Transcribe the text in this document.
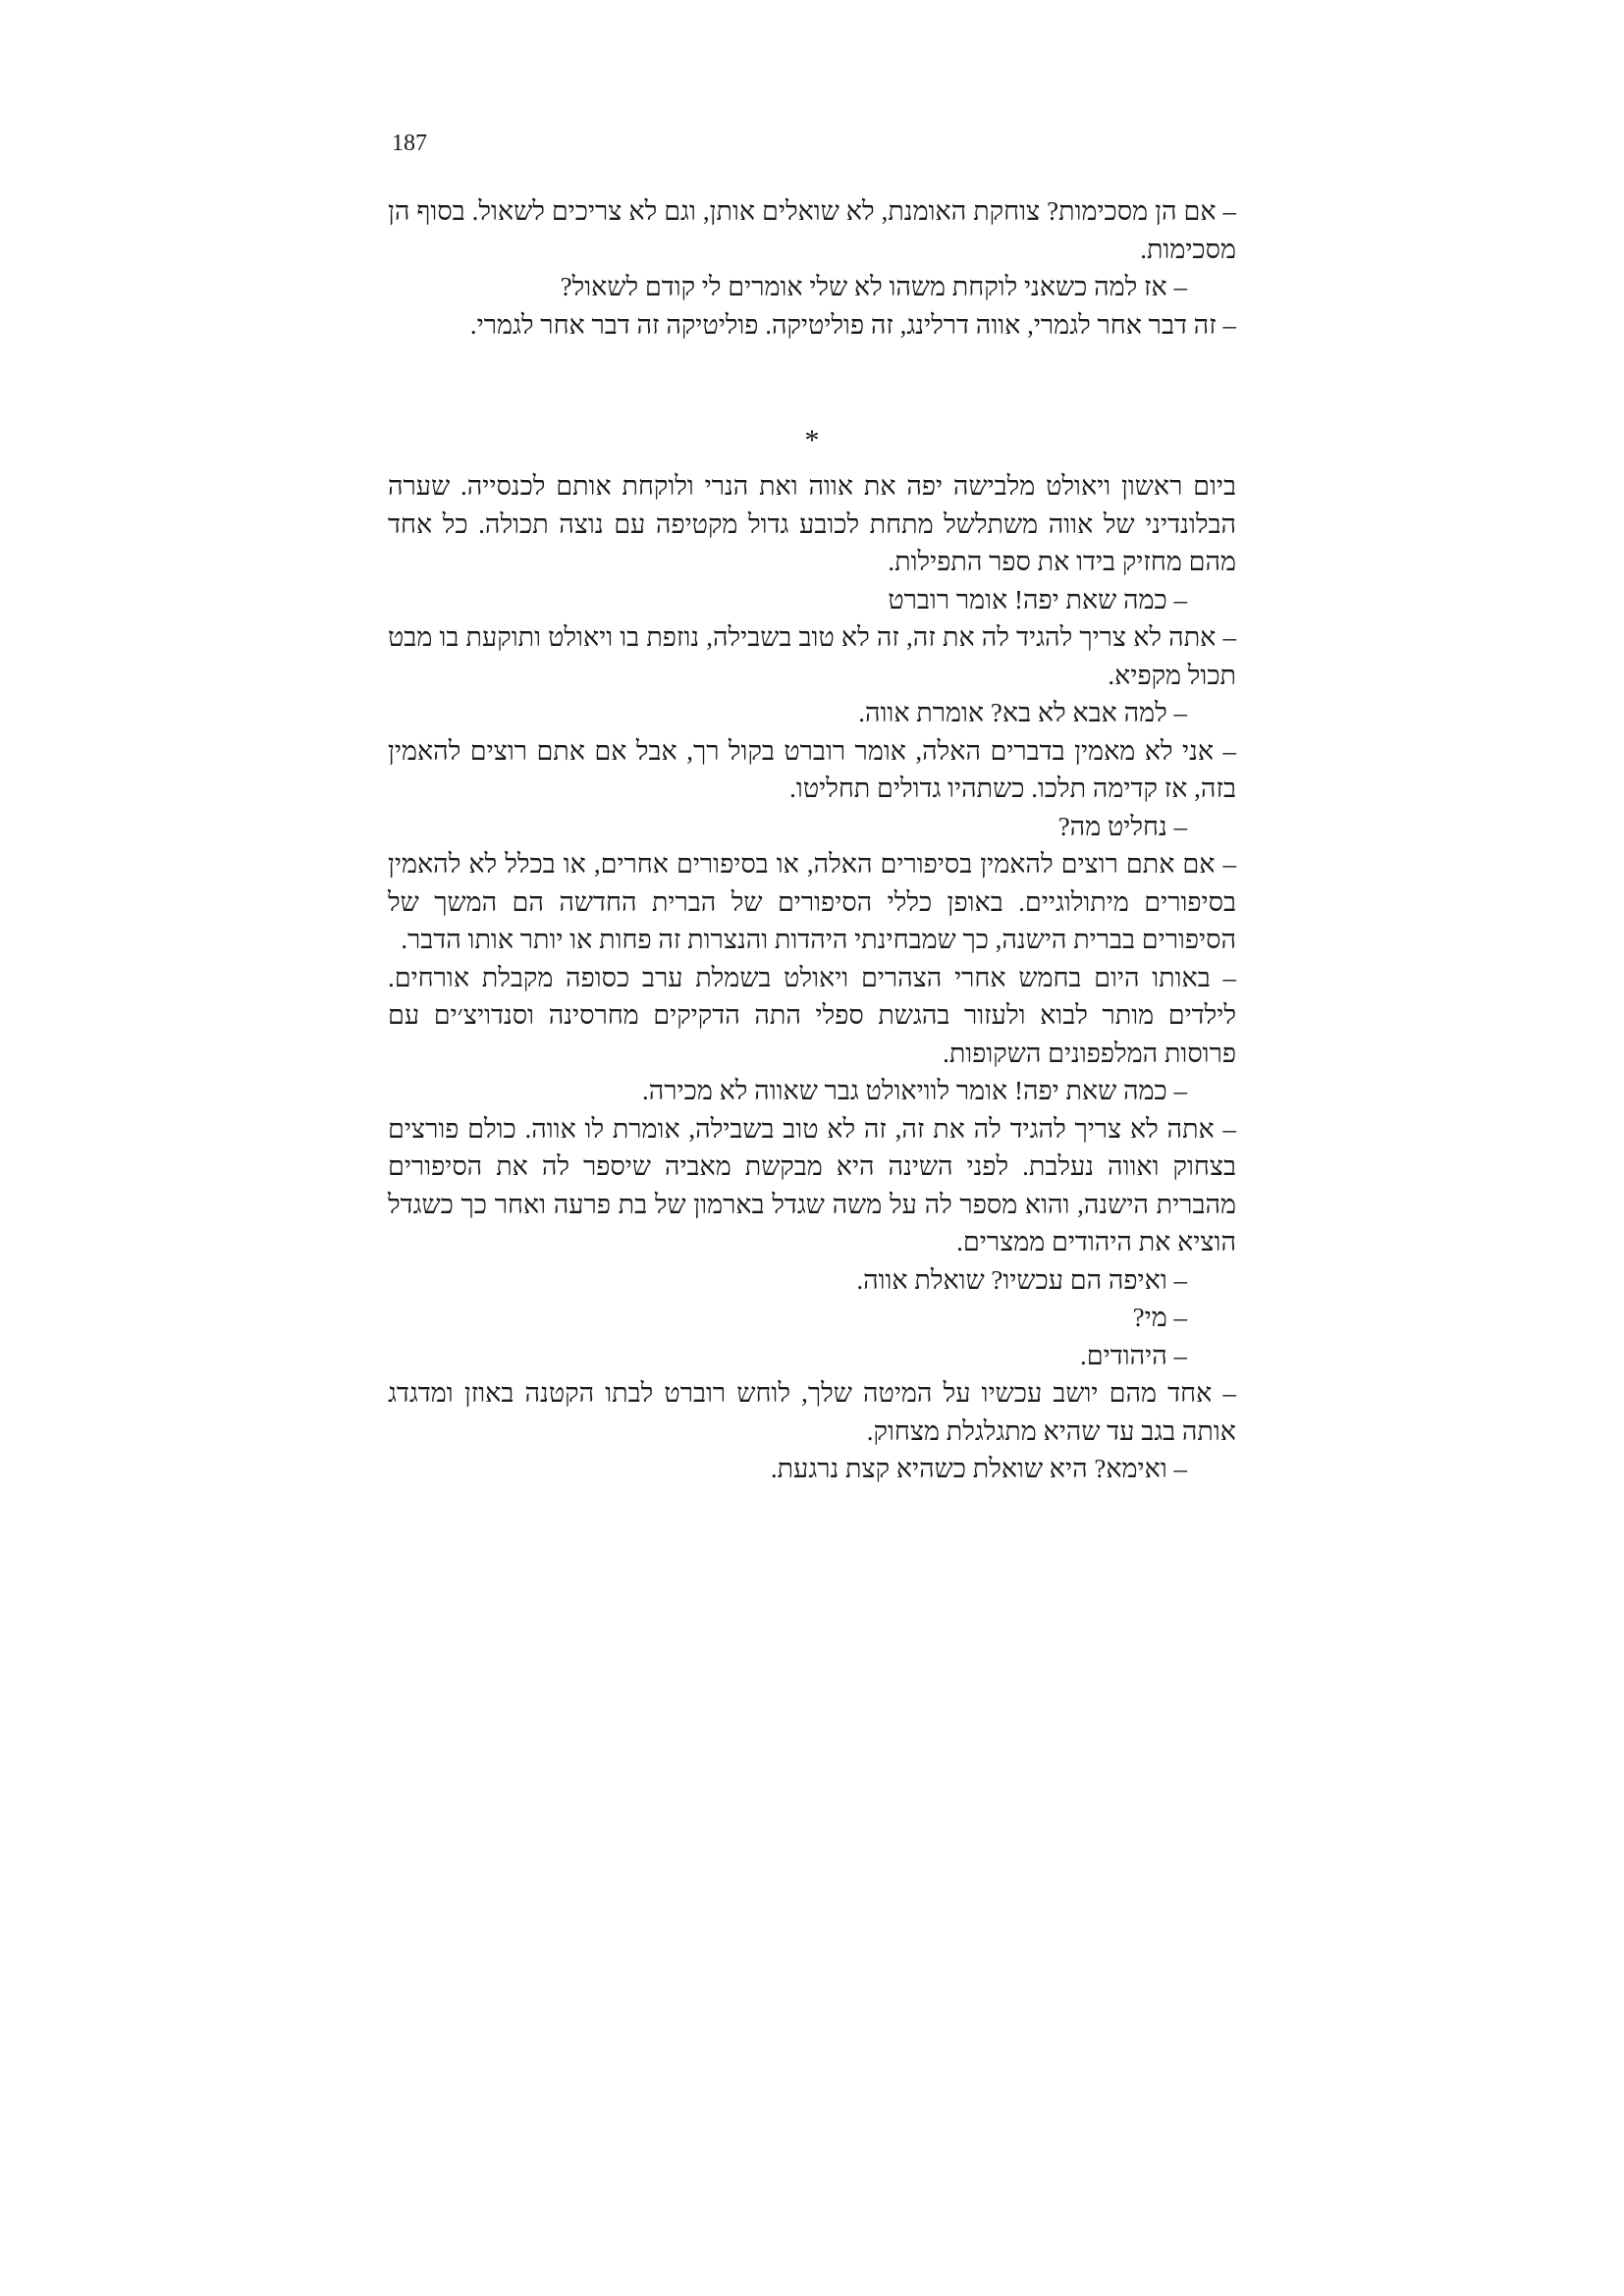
187

– אם הן מסכימות? צוחקת האומנת, לא שואלים אותן, וגם לא צריכים לשאול. בסוף הן מסכימות.

– אז למה כשאני לוקחת משהו לא שלי אומרים לי קודם לשאול?

– זה דבר אחר לגמרי, אווה דרלינג, זה פוליטיקה. פוליטיקה זה דבר אחר לגמרי.

*

ביום ראשון ויאולט מלבישה יפה את אווה ואת הנרי ולוקחת אותם לכנסייה. שערה הבלונדיני של אווה משתלשל מתחת לכובע גדול מקטיפה עם נוצה תכולה. כל אחד מהם מחזיק בידו את ספר התפילות.

– כמה שאת יפה! אומר רוברט

– אתה לא צריך להגיד לה את זה, זה לא טוב בשבילה, נוזפת בו ויאולט ותוקעת בו מבט תכול מקפיא.

– למה אבא לא בא? אומרת אווה.

– אני לא מאמין בדברים האלה, אומר רוברט בקול רך, אבל אם אתם רוצים להאמין בזה, אז קדימה תלכו. כשתהיו גדולים תחליטו.

– נחליט מה?

– אם אתם רוצים להאמין בסיפורים האלה, או בסיפורים אחרים, או בכלל לא להאמין בסיפורים מיתולוגיים. באופן כללי הסיפורים של הברית החדשה הם המשך של הסיפורים בברית הישנה, כך שמבחינתי היהדות והנצרות זה פחות או יותר אותו הדבר.

– באותו היום בחמש אחרי הצהרים ויאולט בשמלת ערב כסופה מקבלת אורחים. לילדים מותר לבוא ולעזור בהגשת ספלי התה הדקיקים מחרסינה וסנדויצ׳ים עם פרוסות המלפפונים השקופות.

– כמה שאת יפה! אומר לוויאולט גבר שאווה לא מכירה.

– אתה לא צריך להגיד לה את זה, זה לא טוב בשבילה, אומרת לו אווה. כולם פורצים בצחוק ואווה נעלבת. לפני השינה היא מבקשת מאביה שיספר לה את הסיפורים מהברית הישנה, והוא מספר לה על משה שגדל בארמון של בת פרעה ואחר כך כשגדל הוציא את היהודים ממצרים.

– ואיפה הם עכשיו? שואלת אווה.

– מי?

– היהודים.

– אחד מהם יושב עכשיו על המיטה שלך, לוחש רוברט לבתו הקטנה באוזן ומדגדג אותה בגב עד שהיא מתגלגלת מצחוק.

– ואימא? היא שואלת כשהיא קצת נרגעת.
